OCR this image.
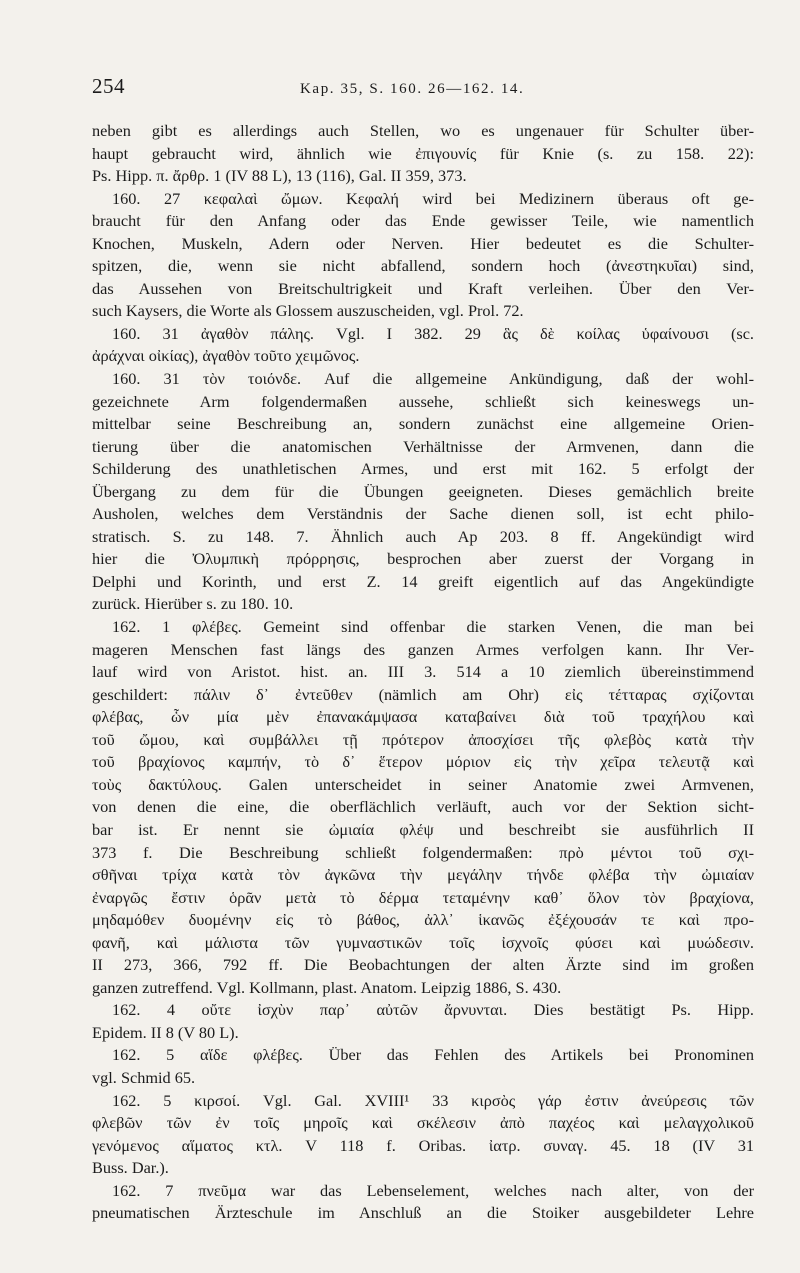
254	Kap. 35, S. 160. 26—162. 14.
neben gibt es allerdings auch Stellen, wo es ungenauer für Schulter über-
haupt gebraucht wird, ähnlich wie ἐπιγουνίς für Knie (s. zu 158. 22):
Ps. Hipp. π. ἄρθρ. 1 (IV 88 L), 13 (116), Gal. II 359, 373.
160. 27 κεφαλαὶ ὤμων. Κεφαλή wird bei Medizinern überaus oft ge-
braucht für den Anfang oder das Ende gewisser Teile, wie namentlich
Knochen, Muskeln, Adern oder Nerven. Hier bedeutet es die Schulter-
spitzen, die, wenn sie nicht abfallend, sondern hoch (ἀνεστηκυῖαι) sind,
das Aussehen von Breitschultrigkeit und Kraft verleihen. Über den Ver-
such Kaysers, die Worte als Glossem auszuscheiden, vgl. Prol. 72.
160. 31 ἀγαθὸν πάλης. Vgl. I 382. 29 ἃς δὲ κοίλας ὑφαίνουσι (sc.
ἀράχναι οἰκίας), ἀγαθὸν τοῦτο χειμῶνος.
160. 31 τὸν τοιόνδε. Auf die allgemeine Ankündigung, daß der wohl-
gezeichnete Arm folgendermaßen aussehe, schließt sich keineswegs un-
mittelbar seine Beschreibung an, sondern zunächst eine allgemeine Orien-
tierung über die anatomischen Verhältnisse der Armvenen, dann die
Schilderung des unathletischen Armes, und erst mit 162. 5 erfolgt der
Übergang zu dem für die Übungen geeigneten. Dieses gemächlich breite
Ausholen, welches dem Verständnis der Sache dienen soll, ist echt philo-
stratisch. S. zu 148. 7. Ähnlich auch Ap 203. 8 ff. Angekündigt wird
hier die Ὀλυμπικὴ πρόρρησις, besprochen aber zuerst der Vorgang in
Delphi und Korinth, und erst Z. 14 greift eigentlich auf das Angekündigte
zurück. Hierüber s. zu 180. 10.
162. 1 φλέβες. Gemeint sind offenbar die starken Venen, die man bei
mageren Menschen fast längs des ganzen Armes verfolgen kann. Ihr Ver-
lauf wird von Aristot. hist. an. III 3. 514 a 10 ziemlich übereinstimmend
geschildert: πάλιν δ᾿ ἐντεῦθεν (nämlich am Ohr) εἰς τέτταρας σχίζονται
φλέβας, ὧν μία μὲν ἐπανακάμψασα καταβαίνει διὰ τοῦ τραχήλου καὶ
τοῦ ὤμου, καὶ συμβάλλει τῇ πρότερον ἀποσχίσει τῆς φλεβὸς κατὰ τὴν
τοῦ βραχίονος καμπήν, τὸ δ᾿ ἕτερον μόριον εἰς τὴν χεῖρα τελευτᾷ καὶ
τοὺς δακτύλους. Galen unterscheidet in seiner Anatomie zwei Armvenen,
von denen die eine, die oberflächlich verläuft, auch vor der Sektion sicht-
bar ist. Er nennt sie ὠμιαία φλέψ und beschreibt sie ausführlich II
373 f. Die Beschreibung schließt folgendermaßen: πρὸ μέντοι τοῦ σχι-
σθῆναι τρίχα κατὰ τὸν ἀγκῶνα τὴν μεγάλην τήνδε φλέβα τὴν ὠμιαίαν
ἐναργῶς ἔστιν ὁρᾶν μετὰ τὸ δέρμα τεταμένην καθ᾿ ὅλον τὸν βραχίονα,
μηδαμόθεν δυομένην εἰς τὸ βάθος, ἀλλ᾿ ἱκανῶς ἐξέχουσάν τε καὶ προ-
φανῆ, καὶ μάλιστα τῶν γυμναστικῶν τοῖς ἰσχνοῖς φύσει καὶ μυώδεσιν.
II 273, 366, 792 ff. Die Beobachtungen der alten Ärzte sind im großen
ganzen zutreffend. Vgl. Kollmann, plast. Anatom. Leipzig 1886, S. 430.
162. 4 οὔτε ἰσχὺν παρ᾿ αὐτῶν ἄρνυνται. Dies bestätigt Ps. Hipp.
Epidem. II 8 (V 80 L).
162. 5 αἵδε φλέβες. Über das Fehlen des Artikels bei Pronominen
vgl. Schmid 65.
162. 5 κιρσοί. Vgl. Gal. XVIII¹ 33 κιρσὸς γάρ ἐστιν ἀνεύρεσις τῶν
φλεβῶν τῶν ἐν τοῖς μηροῖς καὶ σκέλεσιν ἀπὸ παχέος καὶ μελαγχολικοῦ
γενόμενος αἵματος κτλ. V 118 f. Oribas. ἰατρ. συναγ. 45. 18 (IV 31
Buss. Dar.).
162. 7 πνεῦμα war das Lebenselement, welches nach alter, von der
pneumatischen Ärzteschule im Anschluß an die Stoiker ausgebildeter Lehre
